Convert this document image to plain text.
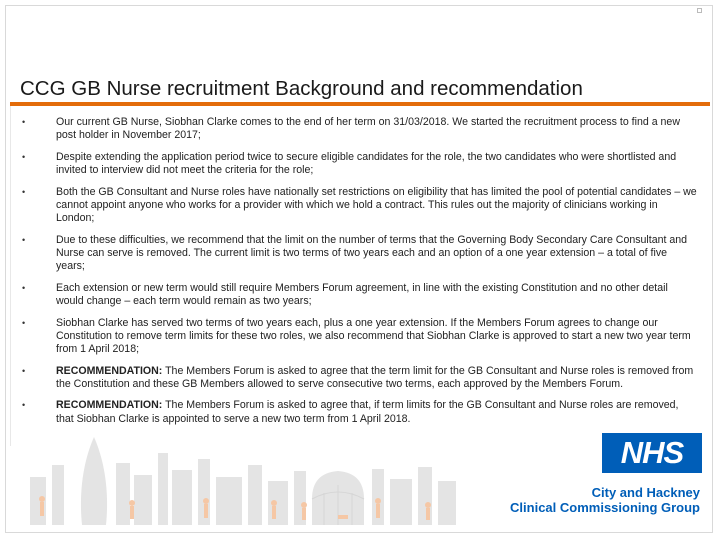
CCG GB Nurse recruitment Background and recommendation
•	Our current GB Nurse, Siobhan Clarke comes to the end of her term on 31/03/2018. We started the recruitment process to find a new post holder in November 2017;
•	Despite extending the application period twice to secure eligible candidates for the role, the two candidates who were shortlisted and invited to interview did not meet the criteria for the role;
•	Both the GB Consultant and Nurse roles have nationally set restrictions on eligibility that has limited the pool of potential candidates – we cannot appoint anyone who works for a provider with which we hold a contract. This rules out the majority of clinicians working in London;
•	Due to these difficulties, we recommend that the limit on the number of terms that the Governing Body Secondary Care Consultant and Nurse can serve is removed. The current limit is two terms of two years each and an option of a one year extension – a total of five years;
•	Each extension or new term would still require Members Forum agreement, in line with the existing Constitution and no other detail would change – each term would remain as two years;
•	Siobhan Clarke has served two terms of two years each, plus a one year extension. If the Members Forum agrees to change our Constitution to remove term limits for these two roles, we also recommend that Siobhan Clarke is approved to start a new two year term from 1 April 2018;
•	RECOMMENDATION: The Members Forum is asked to agree that the term limit for the GB Consultant and Nurse roles is removed from the Constitution and these GB Members allowed to serve consecutive two terms, each approved by the Members Forum.
•	RECOMMENDATION: The Members Forum is asked to agree that, if term limits for the GB Consultant and Nurse roles are removed, that Siobhan Clarke is appointed to serve a new two term from 1 April 2018.
NHS
City and Hackney
Clinical Commissioning Group
